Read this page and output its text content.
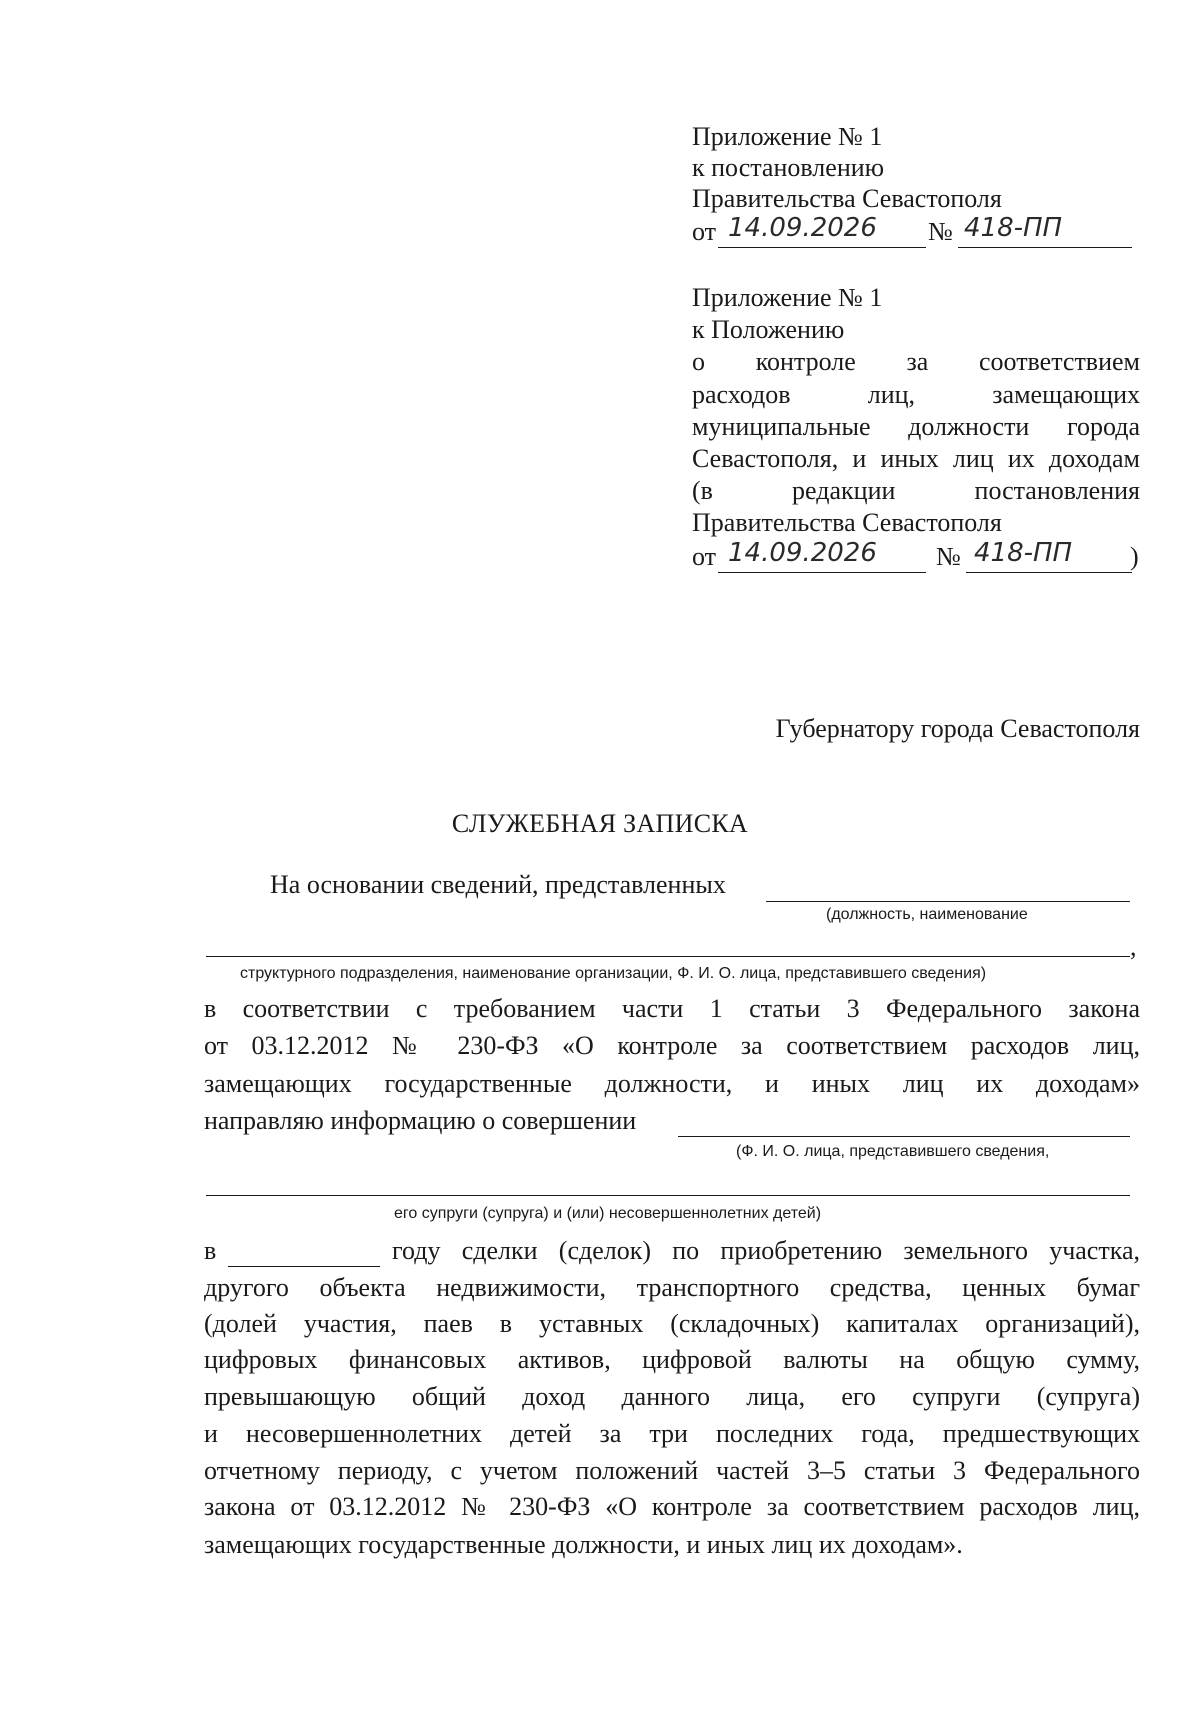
Приложение № 1
к постановлению
Правительства Севастополя
от 14.09.2026 № 418-ПП
Приложение № 1
к Положению
о контроле за соответствием
расходов лиц, замещающих
муниципальные должности города
Севастополя, и иных лиц их доходам
(в редакции постановления
Правительства Севастополя
от 14.09.2026 № 418-ПП )
Губернатору города Севастополя
СЛУЖЕБНАЯ ЗАПИСКА
На основании сведений, представленных
(должность, наименование
,
структурного подразделения, наименование организации, Ф. И. О. лица, представившего сведения)
в соответствии с требованием части 1 статьи 3 Федерального закона
от 03.12.2012 № 230-ФЗ «О контроле за соответствием расходов лиц,
замещающих государственные должности, и иных лиц их доходам»
направляю информацию о совершении
(Ф. И. О. лица, представившего сведения,
его супруги (супруга) и (или) несовершеннолетних детей)
в	году сделки (сделок) по приобретению земельного участка,
другого объекта недвижимости, транспортного средства, ценных бумаг
(долей участия, паев в уставных (складочных) капиталах организаций),
цифровых финансовых активов, цифровой валюты на общую сумму,
превышающую общий доход данного лица, его супруги (супруга)
и несовершеннолетних детей за три последних года, предшествующих
отчетному периоду, с учетом положений частей 3–5 статьи 3 Федерального
закона от 03.12.2012 № 230-ФЗ «О контроле за соответствием расходов лиц,
замещающих государственные должности, и иных лиц их доходам».
